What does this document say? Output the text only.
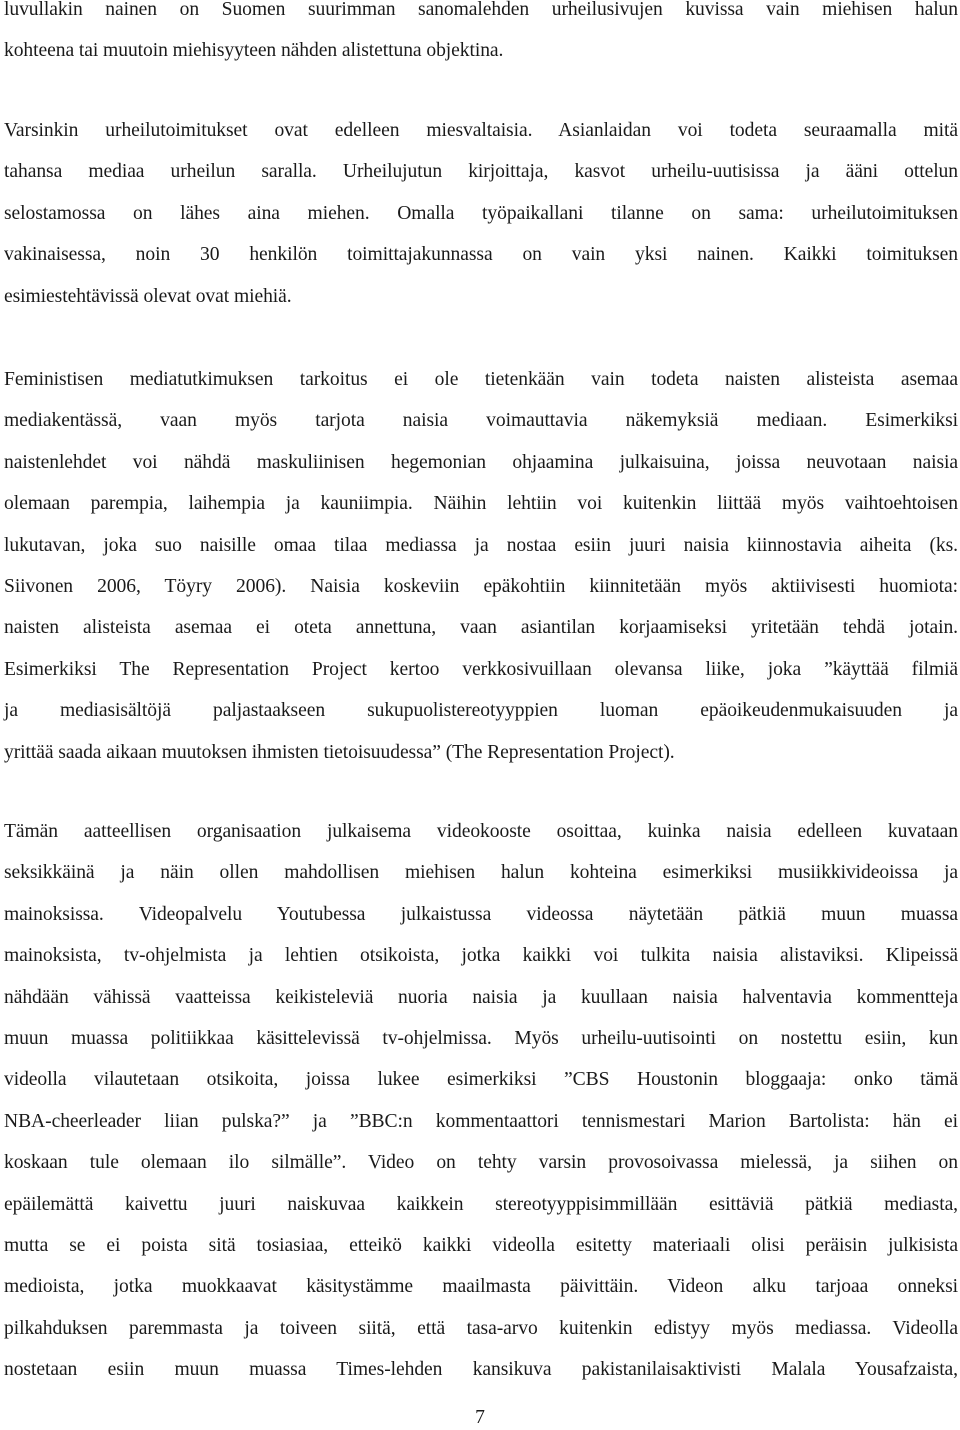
luvullakin nainen on Suomen suurimman sanomalehden urheilusivujen kuvissa vain miehisen halun
kohteena tai muutoin miehisyyteen nähden alistettuna objektina.
Varsinkin urheilutoimitukset ovat edelleen miesvaltaisia. Asianlaidan voi todeta seuraamalla mitä
tahansa mediaa urheilun saralla. Urheilujutun kirjoittaja, kasvot urheilu-uutisissa ja ääni ottelun
selostamossa on lähes aina miehen. Omalla työpaikallani tilanne on sama: urheilutoimituksen
vakinaisessa, noin 30 henkilön toimittajakunnassa on vain yksi nainen. Kaikki toimituksen
esimiestehtävissä olevat ovat miehiä.
Feministisen mediatutkimuksen tarkoitus ei ole tietenkään vain todeta naisten alisteista asemaa
mediakentässä, vaan myös tarjota naisia voimauttavia näkemyksiä mediaan. Esimerkiksi
naistenlehdet voi nähdä maskuliinisen hegemonian ohjaamina julkaisuina, joissa neuvotaan naisia
olemaan parempia, laihempia ja kauniimpia. Näihin lehtiin voi kuitenkin liittää myös vaihtoehtoisen
lukutavan, joka suo naisille omaa tilaa mediassa ja nostaa esiin juuri naisia kiinnostavia aiheita (ks.
Siivonen 2006, Töyry 2006). Naisia koskeviin epäkohtiin kiinnitetään myös aktiivisesti huomiota:
naisten alisteista asemaa ei oteta annettuna, vaan asiantilan korjaamiseksi yritetään tehdä jotain.
Esimerkiksi The Representation Project kertoo verkkosivuillaan olevansa liike, joka ”käyttää filmiä
ja mediasisältöjä paljastaakseen sukupuolistereotyyppien luoman epäoikeudenmukaisuuden ja
yrittää saada aikaan muutoksen ihmisten tietoisuudessa” (The Representation Project).
Tämän aatteellisen organisaation julkaisema videokooste osoittaa, kuinka naisia edelleen kuvataan
seksikkäinä ja näin ollen mahdollisen miehisen halun kohteina esimerkiksi musiikkivideoissa ja
mainoksissa. Videopalvelu Youtubessa julkaistussa videossa näytetään pätkiä muun muassa
mainoksista, tv-ohjelmista ja lehtien otsikoista, jotka kaikki voi tulkita naisia alistaviksi. Klipeissä
nähdään vähissä vaatteissa keikisteleviä nuoria naisia ja kuullaan naisia halventavia kommentteja
muun muassa politiikkaa käsittelevissä tv-ohjelmissa. Myös urheilu-uutisointi on nostettu esiin, kun
videolla vilautetaan otsikoita, joissa lukee esimerkiksi ”CBS Houstonin bloggaaja: onko tämä
NBA-cheerleader liian pulska?” ja ”BBC:n kommentaattori tennismestari Marion Bartolista: hän ei
koskaan tule olemaan ilo silmälle”. Video on tehty varsin provosoivassa mielessä, ja siihen on
epäilemättä kaivettu juuri naiskuvaa kaikkein stereotyyppisimmillään esittäviä pätkiä mediasta,
mutta se ei poista sitä tosiasiaa, etteikö kaikki videolla esitetty materiaali olisi peräisin julkisista
medioista, jotka muokkaavat käsitystämme maailmasta päivittäin. Videon alku tarjoaa onneksi
pilkahduksen paremmasta ja toiveen siitä, että tasa-arvo kuitenkin edistyy myös mediassa. Videolla
nostetaan esiin muun muassa Times-lehden kansikuva pakistanilaisaktivisti Malala Yousafzaista,
7
